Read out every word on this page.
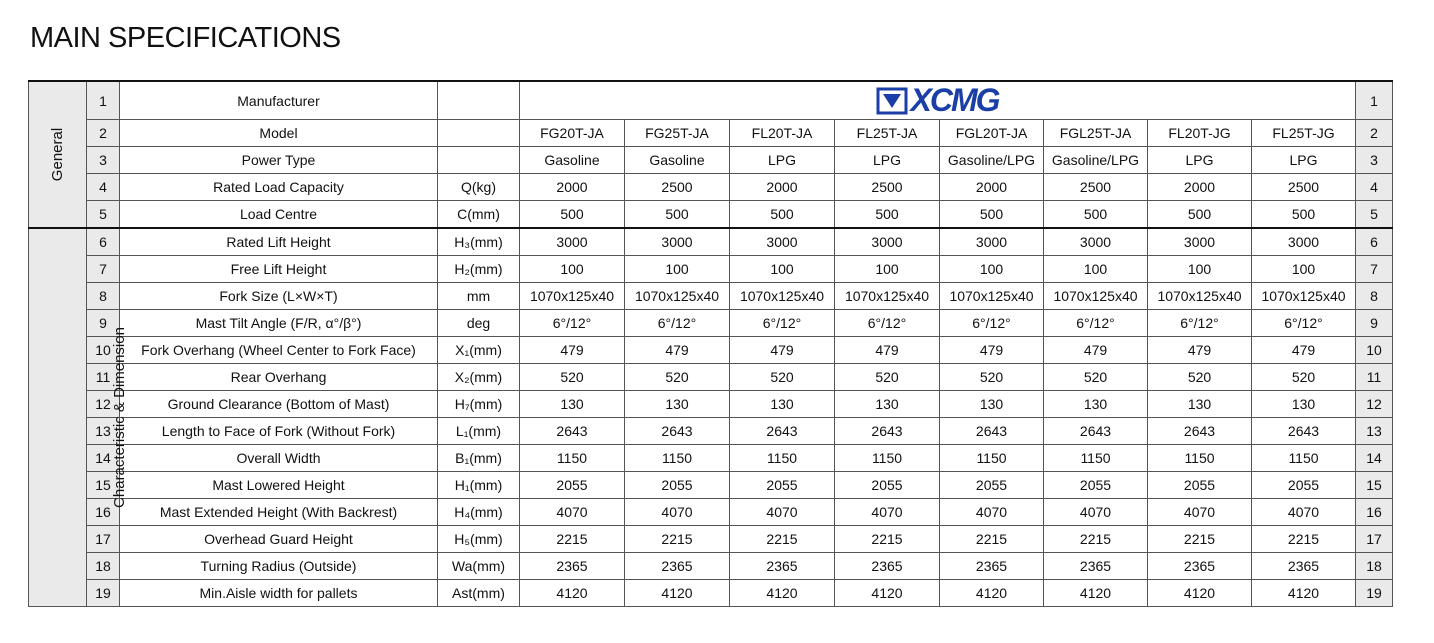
MAIN SPECIFICATIONS
General	1	Manufacturer		XCMG								1
	2	Model		FG20T-JA	FG25T-JA	FL20T-JA	FL25T-JA	FGL20T-JA	FGL25T-JA	FL20T-JG	FL25T-JG	2
	3	Power Type		Gasoline	Gasoline	LPG	LPG	Gasoline/LPG	Gasoline/LPG	LPG	LPG	3
	4	Rated Load Capacity	Q(kg)	2000	2500	2000	2500	2000	2500	2000	2500	4
	5	Load Centre	C(mm)	500	500	500	500	500	500	500	500	5
Characteristic & Dimension	6	Rated Lift Height	H₃(mm)	3000	3000	3000	3000	3000	3000	3000	3000	6
	7	Free Lift Height	H₂(mm)	100	100	100	100	100	100	100	100	7
	8	Fork Size (L×W×T)	mm	1070x125x40	1070x125x40	1070x125x40	1070x125x40	1070x125x40	1070x125x40	1070x125x40	1070x125x40	8
	9	Mast Tilt Angle (F/R, α°/β°)	deg	6°/12°	6°/12°	6°/12°	6°/12°	6°/12°	6°/12°	6°/12°	6°/12°	9
	10	Fork Overhang (Wheel Center to Fork Face)	X₁(mm)	479	479	479	479	479	479	479	479	10
	11	Rear Overhang	X₂(mm)	520	520	520	520	520	520	520	520	11
	12	Ground Clearance (Bottom of Mast)	H₇(mm)	130	130	130	130	130	130	130	130	12
	13	Length to Face of Fork (Without Fork)	L₁(mm)	2643	2643	2643	2643	2643	2643	2643	2643	13
	14	Overall Width	B₁(mm)	1150	1150	1150	1150	1150	1150	1150	1150	14
	15	Mast Lowered Height	H₁(mm)	2055	2055	2055	2055	2055	2055	2055	2055	15
	16	Mast Extended Height (With Backrest)	H₄(mm)	4070	4070	4070	4070	4070	4070	4070	4070	16
	17	Overhead Guard Height	H₅(mm)	2215	2215	2215	2215	2215	2215	2215	2215	17
	18	Turning Radius (Outside)	Wa(mm)	2365	2365	2365	2365	2365	2365	2365	2365	18
	19	Min.Aisle width for pallets	Ast(mm)	4120	4120	4120	4120	4120	4120	4120	4120	19
